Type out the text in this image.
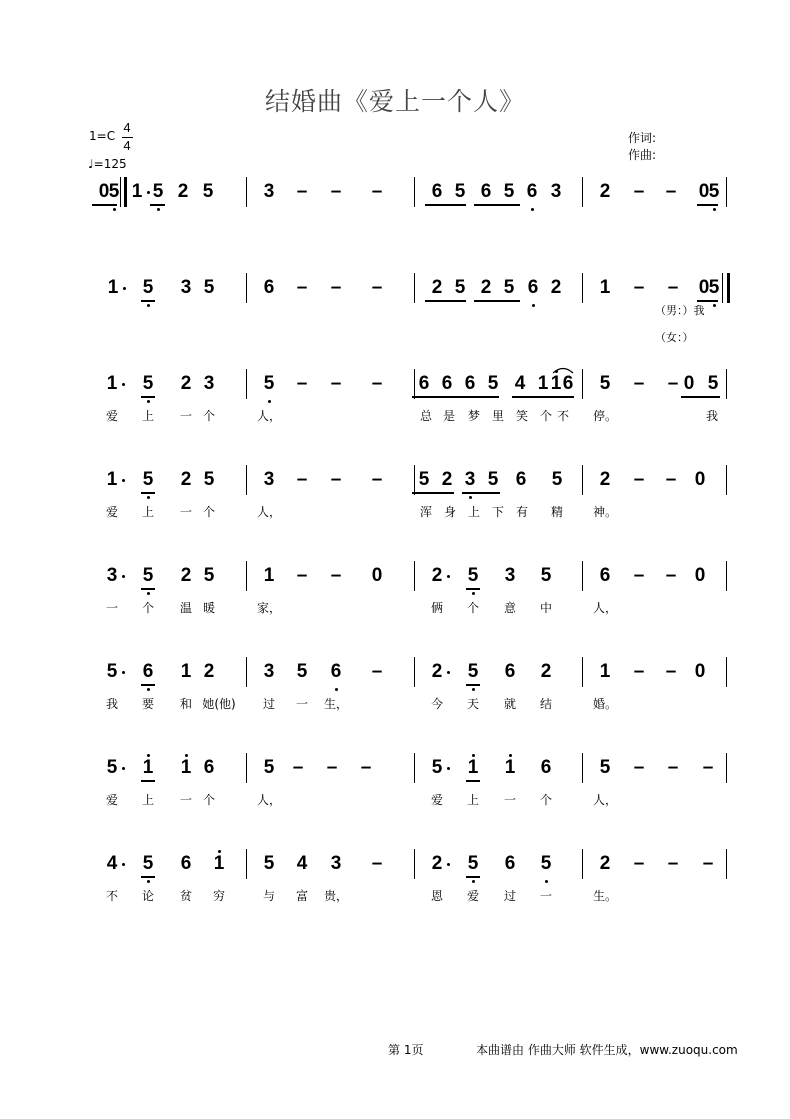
结婚曲《爱上一个人》
1=C
4
4
♩=125
作词:
作曲:
0 5 1 5 2 5	3	–	–	–	6 5 6 5 6 3	2	–	–	0 5
1	5	3 5	6	–	–	–	2 5 2 5 6 2	1	–	–	0 5
1	5	2 3	5	–	–	–	6 6 6 5 4 1 1 6	5	–	– 0 5
爱	上	一 个	人，	总 是	梦 里 笑 个 不	停。	我
1	5	2 5	3	–	–	–	5 2 3 5 6	5	2	–	– 0
爱	上	一 个	人，	浑 身 上 下 有	精	神。
3	5	2 5	1	–	–	0	2	5	3	5	6	–	– 0
一	个	温 暖	家，	俩	个	意	中	人，
5	6	1 2	3	5	6	–	2	5	6	2	1	–	– 0
我	要	和 她(他)	过	一	生，	今	天	就	结	婚。
5	1	1 6	5 –	–	–	5	1	1	6	5	–	–	–
爱	上	一 个	人，	爱	上	一	个	人，
4	5	6	1	5	4	3	–	2	5	6	5	2	–	–	–
不	论	贫	穷	与	富	贵，	恩	爱	过	一	生。
（男：）我
（女：）
第 1页	本曲谱由 作曲大师 软件生成，www.zuoqu.com
